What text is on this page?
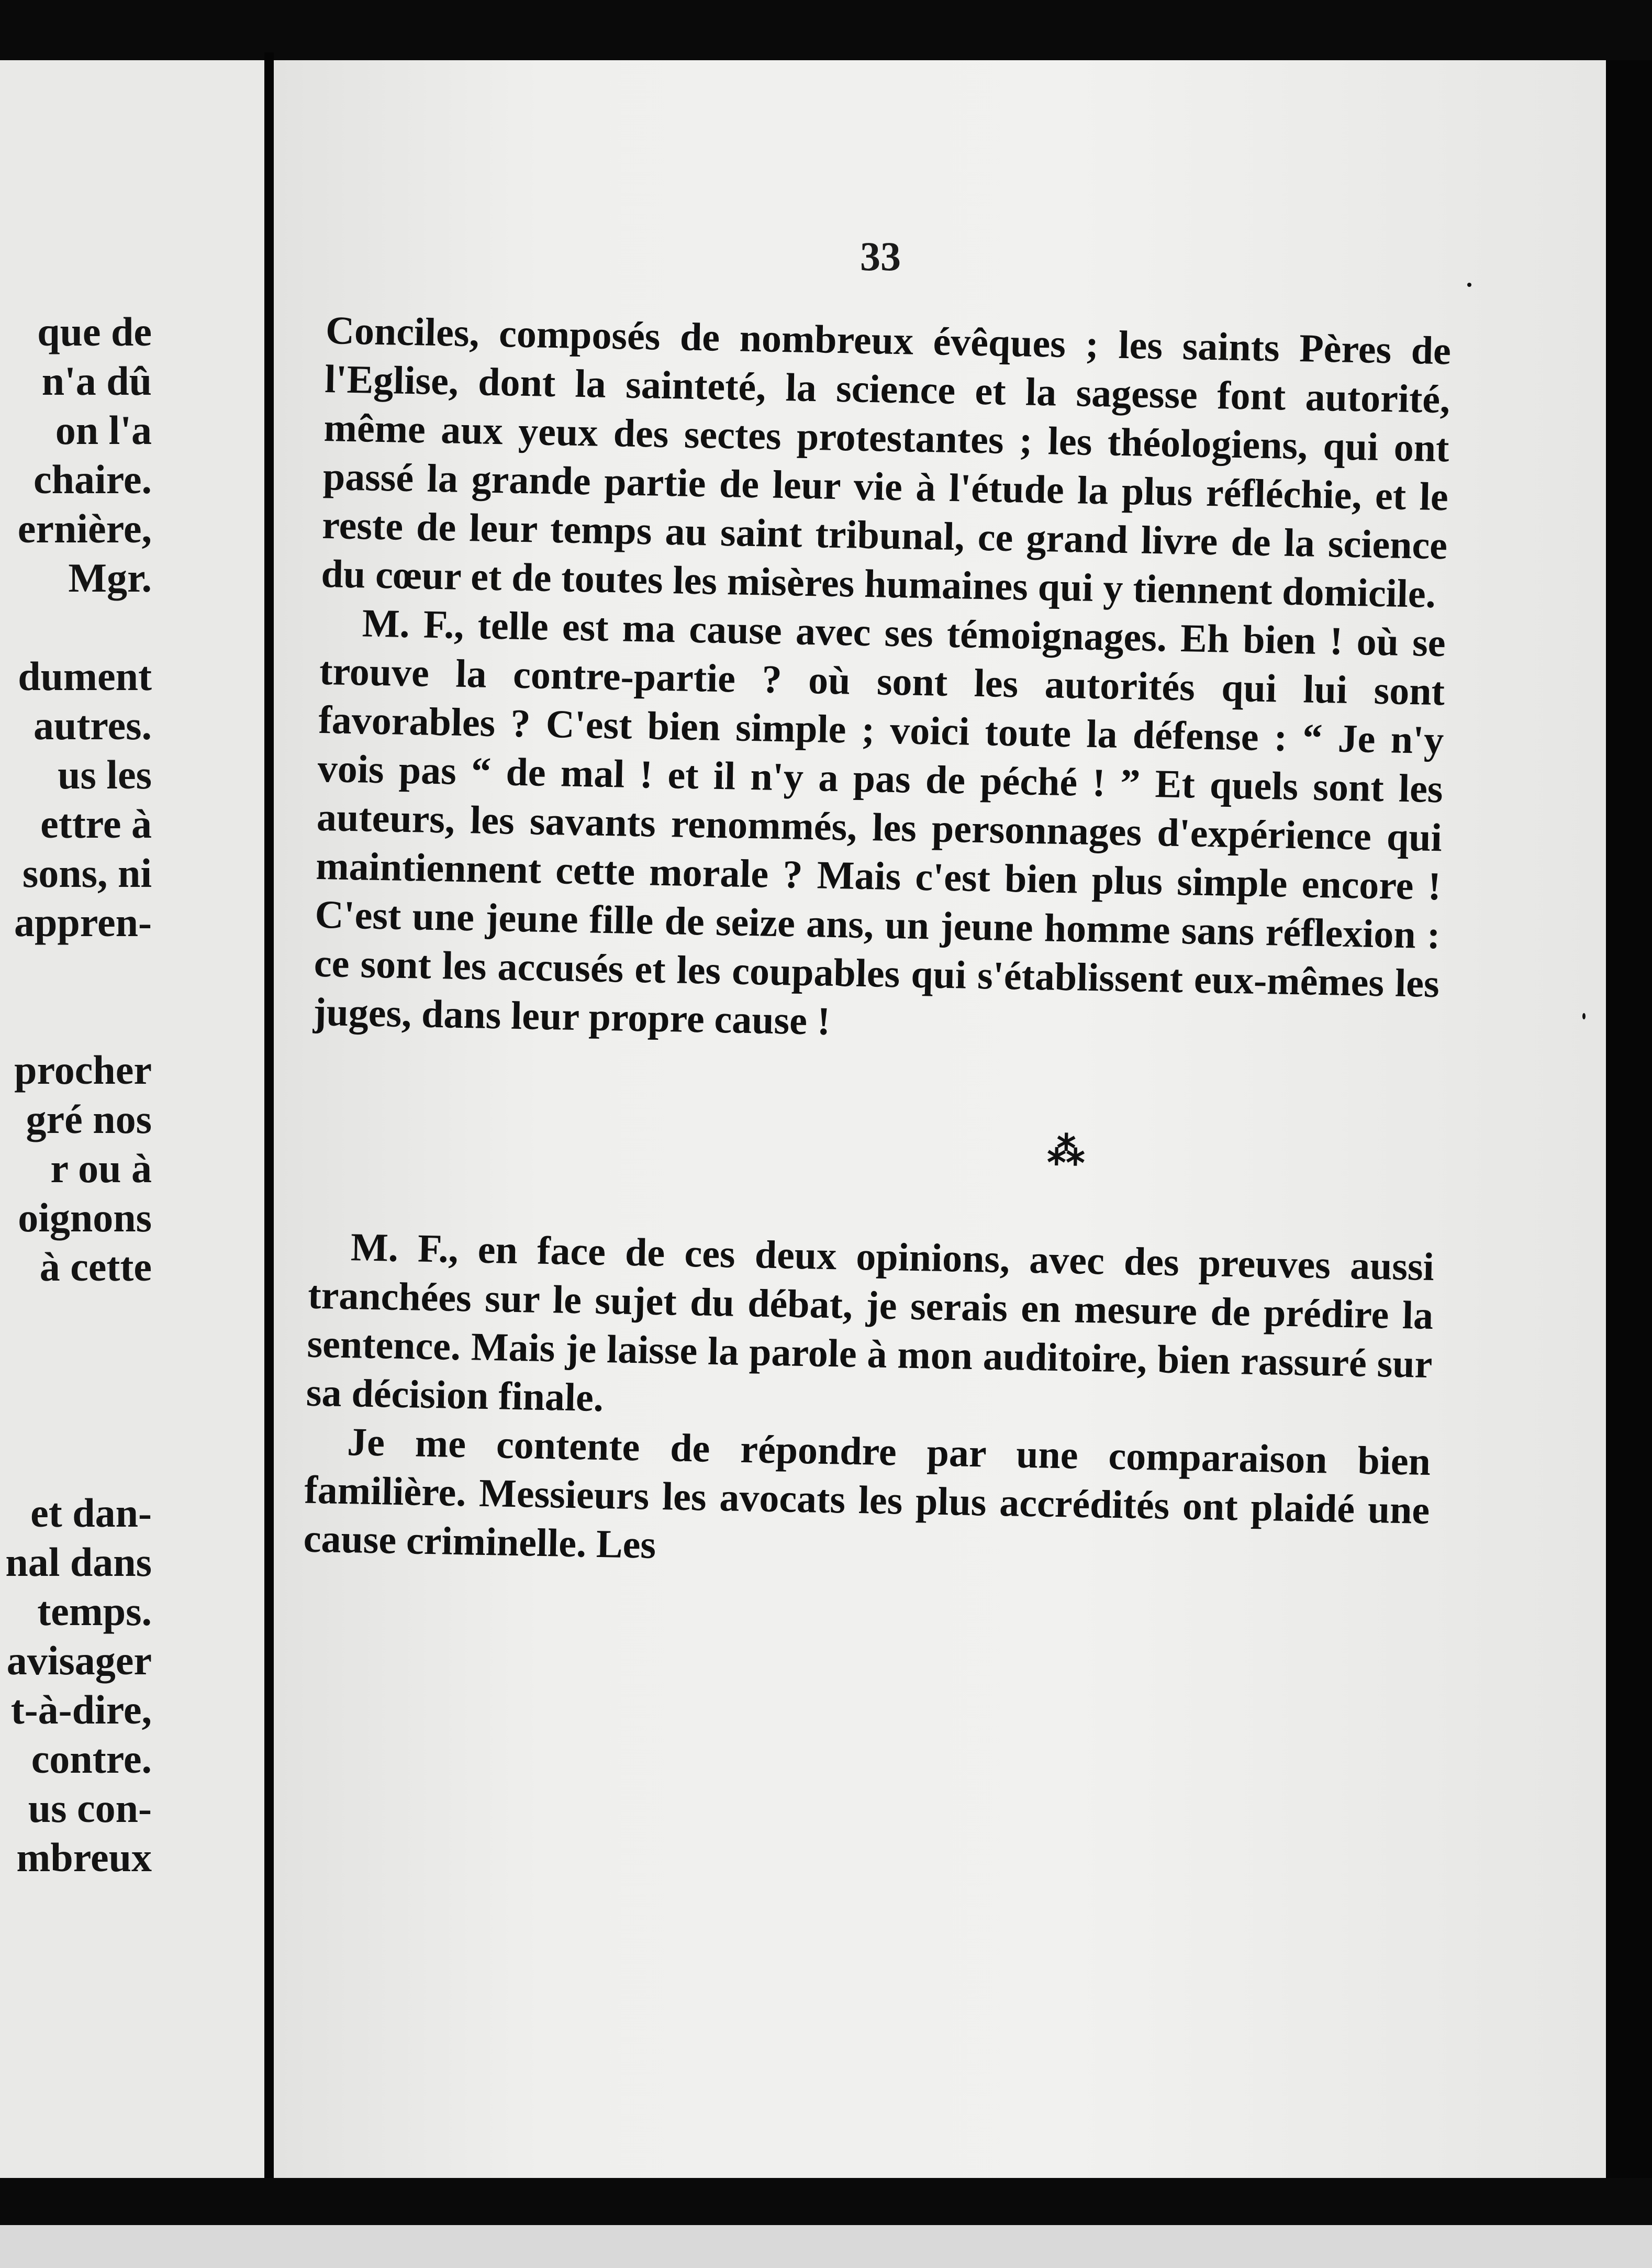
que de
n'a dû
on l'a
chaire.
ernière,
Mgr.
dument
autres.
us les
ettre à
sons, ni
appren-
procher
gré nos
r ou à
oignons
à cette
et dan-
nal dans
temps.
avisager
t-à-dire,
contre.
us con-
mbreux
33

Conciles, composés de nombreux évêques ; les saints Pères de l'Eglise, dont la sainteté, la science et la sagesse font autorité, même aux yeux des sectes protestantes ; les théologiens, qui ont passé la grande partie de leur vie à l'étude la plus réfléchie, et le reste de leur temps au saint tribunal, ce grand livre de la science du cœur et de toutes les misères humaines qui y tiennent domicile.

M. F., telle est ma cause avec ses témoignages. Eh bien ! où se trouve la contre-partie ? où sont les autorités qui lui sont favorables ? C'est bien simple ; voici toute la défense : “ Je n'y vois pas “ de mal ! et il n'y a pas de péché ! ” Et quels sont les auteurs, les savants renommés, les personnages d'expérience qui maintiennent cette morale ? Mais c'est bien plus simple encore ! C'est une jeune fille de seize ans, un jeune homme sans réflexion : ce sont les accusés et les coupables qui s'établissent eux-mêmes les juges, dans leur propre cause !

⁂

M. F., en face de ces deux opinions, avec des preuves aussi tranchées sur le sujet du débat, je serais en mesure de prédire la sentence. Mais je laisse la parole à mon auditoire, bien rassuré sur sa décision finale.

Je me contente de répondre par une comparaison bien familière. Messieurs les avocats les plus accrédités ont plaidé une cause criminelle. Les
